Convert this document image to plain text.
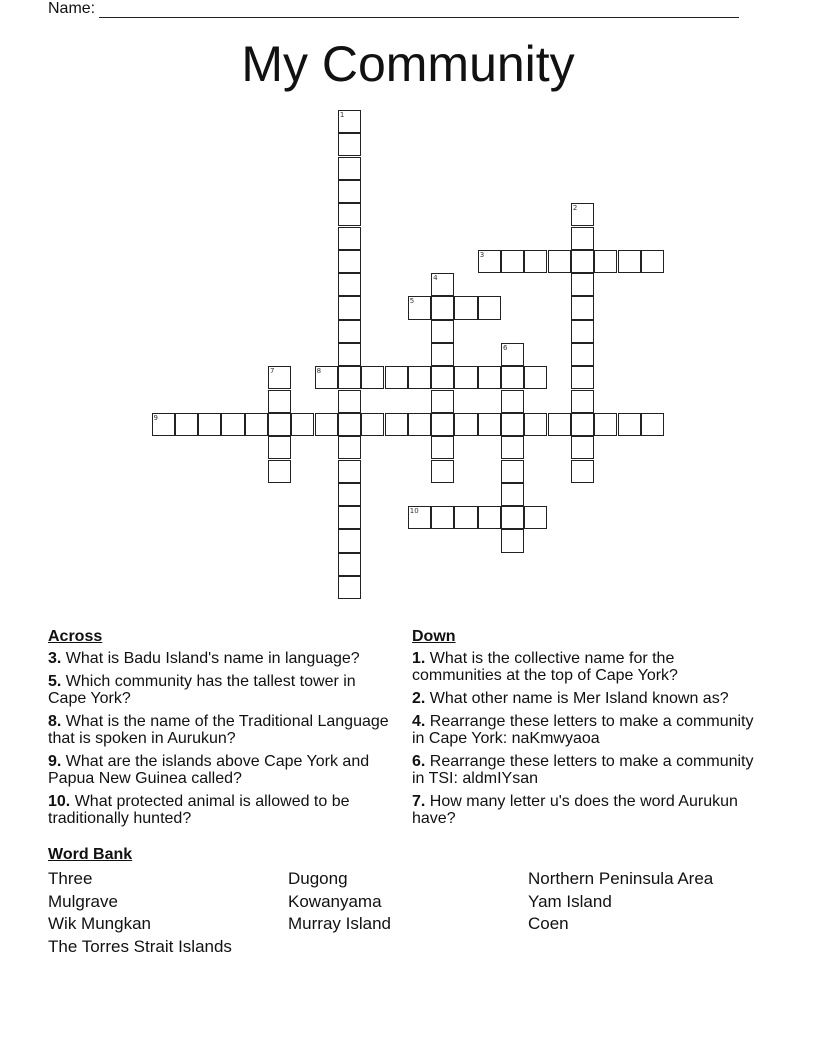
Name:
My Community
1
2
3
4
5
6
7	8
9
10
Across
3. What is Badu Island's name in language?
5. Which community has the tallest tower in Cape York?
8. What is the name of the Traditional Language that is spoken in Aurukun?
9. What are the islands above Cape York and Papua New Guinea called?
10. What protected animal is allowed to be traditionally hunted?
Down
1. What is the collective name for the communities at the top of Cape York?
2. What other name is Mer Island known as?
4. Rearrange these letters to make a community in Cape York: naKmwyaoa
6. Rearrange these letters to make a community in TSI: aldmIYsan
7. How many letter u's does the word Aurukun have?
Word Bank
Three
Mulgrave
Wik Mungkan
The Torres Strait Islands
Dugong
Kowanyama
Murray Island
Northern Peninsula Area
Yam Island
Coen
